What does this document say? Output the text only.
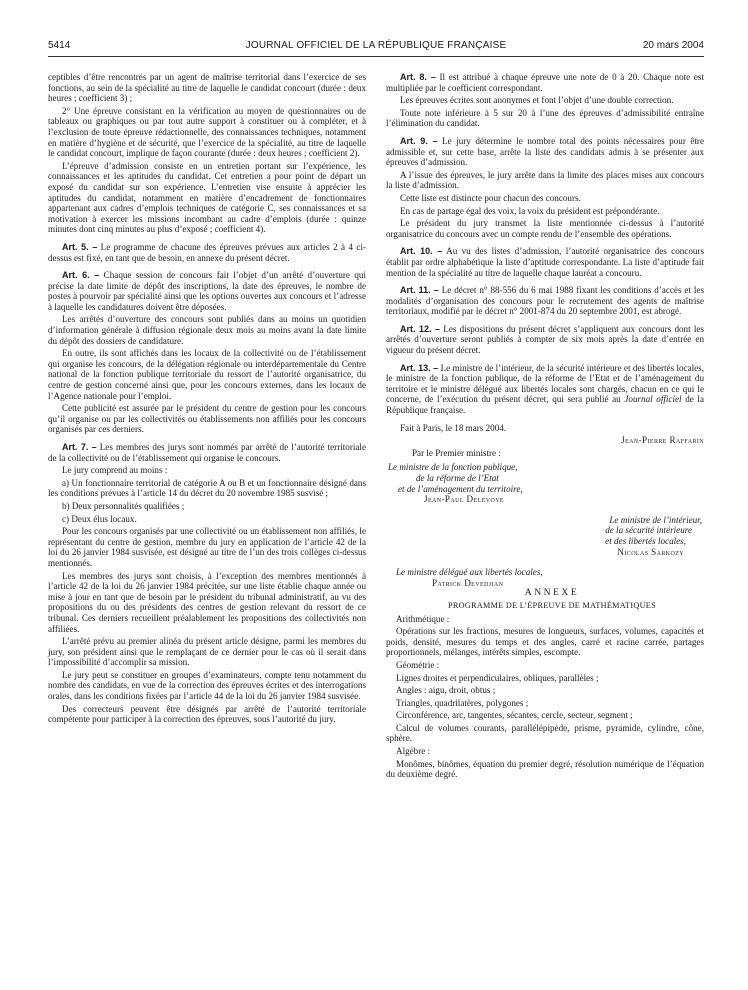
5414	JOURNAL OFFICIEL DE LA RÉPUBLIQUE FRANÇAISE	20 mars 2004

ceptibles d’être rencontrés par un agent de maîtrise territorial dans l’exercice de ses fonctions, au sein de la spécialité au titre de laquelle le candidat concourt (durée : deux heures ; coefficient 3) ;

2° Une épreuve consistant en la vérification au moyen de questionnaires ou de tableaux ou graphiques ou par tout autre support à constituer ou à compléter, et à l’exclusion de toute épreuve rédactionnelle, des connaissances techniques, notamment en matière d’hygiène et de sécurité, que l’exercice de la spécialité, au titre de laquelle le candidat concourt, implique de façon courante (durée : deux heures ; coefficient 2).

L’épreuve d’admission consiste en un entretien portant sur l’expérience, les connaissances et les aptitudes du candidat. Cet entretien a pour point de départ un exposé du candidat sur son expérience. L’entretien vise ensuite à apprécier les aptitudes du candidat, notamment en matière d’encadrement de fonctionnaires appartenant aux cadres d’emplois techniques de catégorie C, ses connaissances et sa motivation à exercer les missions incombant au cadre d’emplois (durée : quinze minutes dont cinq minutes au plus d’exposé ; coefficient 4).

Art. 5. – Le programme de chacune des épreuves prévues aux articles 2 à 4 ci-dessus est fixé, en tant que de besoin, en annexe du présent décret.

Art. 6. – Chaque session de concours fait l’objet d’un arrêté d’ouverture qui précise la date limite de dépôt des inscriptions, la date des épreuves, le nombre de postes à pourvoir par spécialité ainsi que les options ouvertes aux concours et l’adresse à laquelle les candidatures doivent être déposées.

Les arrêtés d’ouverture des concours sont publiés dans au moins un quotidien d’information générale à diffusion régionale deux mois au moins avant la date limite du dépôt des dossiers de candidature.

En outre, ils sont affichés dans les locaux de la collectivité ou de l’établissement qui organise les concours, de la délégation régionale ou interdépartementale du Centre national de la fonction publique territoriale du ressort de l’autorité organisatrice, du centre de gestion concerné ainsi que, pour les concours externes, dans les locaux de l’Agence nationale pour l’emploi.

Cette publicité est assurée par le président du centre de gestion pour les concours qu’il organise ou par les collectivités ou établissements non affiliés pour les concours organisés par ces derniers.

Art. 7. – Les membres des jurys sont nommés par arrêté de l’autorité territoriale de la collectivité ou de l’établissement qui organise le concours.

Le jury comprend au moins :

a) Un fonctionnaire territorial de catégorie A ou B et un fonctionnaire désigné dans les conditions prévues à l’article 14 du décret du 20 novembre 1985 susvisé ;

b) Deux personnalités qualifiées ;

c) Deux élus locaux.

Pour les concours organisés par une collectivité ou un établissement non affiliés, le représentant du centre de gestion, membre du jury en application de l’article 42 de la loi du 26 janvier 1984 susvisée, est désigné au titre de l’un des trois collèges ci-dessus mentionnés.

Les membres des jurys sont choisis, à l’exception des membres mentionnés à l’article 42 de la loi du 26 janvier 1984 précitée, sur une liste établie chaque année ou mise à jour en tant que de besoin par le président du tribunal administratif, au vu des propositions du ou des présidents des centres de gestion relevant du ressort de ce tribunal. Ces derniers recueillent préalablement les propositions des collectivités non affiliées.

L’arrêté prévu au premier alinéa du présent article désigne, parmi les membres du jury, son président ainsi que le remplaçant de ce dernier pour le cas où il serait dans l’impossibilité d’accomplir sa mission.

Le jury peut se constituer en groupes d’examinateurs, compte tenu notamment du nombre des candidats, en vue de la correction des épreuves écrites et des interrogations orales, dans les conditions fixées par l’article 44 de la loi du 26 janvier 1984 susvisée.

Des correcteurs peuvent être désignés par arrêté de l’autorité territoriale compétente pour participer à la correction des épreuves, sous l’autorité du jury.

Art. 8. – Il est attribué à chaque épreuve une note de 0 à 20. Chaque note est multipliée par le coefficient correspondant.

Les épreuves écrites sont anonymes et font l’objet d’une double correction.

Toute note inférieure à 5 sur 20 à l’une des épreuves d’admissibilité entraîne l’élimination du candidat.

Art. 9. – Le jury détermine le nombre total des points nécessaires pour être admissible et, sur cette base, arrête la liste des candidats admis à se présenter aux épreuves d’admission.

A l’issue des épreuves, le jury arrête dans la limite des places mises aux concours la liste d’admission.

Cette liste est distincte pour chacun des concours.

En cas de partage égal des voix, la voix du président est prépondérante.

Le président du jury transmet la liste mentionnée ci-dessus à l’autorité organisatrice du concours avec un compte rendu de l’ensemble des opérations.

Art. 10. – Au vu des listes d’admission, l’autorité organisatrice des concours établit par ordre alphabétique la liste d’aptitude correspondante. La liste d’aptitude fait mention de la spécialité au titre de laquelle chaque lauréat a concouru.

Art. 11. – Le décret n° 88-556 du 6 mai 1988 fixant les conditions d’accès et les modalités d’organisation des concours pour le recrutement des agents de maîtrise territoriaux, modifié par le décret n° 2001-874 du 20 septembre 2001, est abrogé.

Art. 12. – Les dispositions du présent décret s’appliquent aux concours dont les arrêtés d’ouverture seront publiés à compter de six mois après la date d’entrée en vigueur du présent décret.

Art. 13. – Le ministre de l’intérieur, de la sécurité intérieure et des libertés locales, le ministre de la fonction publique, de la réforme de l’Etat et de l’aménagement du territoire et le ministre délégué aux libertés locales sont chargés, chacun en ce qui le concerne, de l’exécution du présent décret, qui sera publié au Journal officiel de la République française.

Fait à Paris, le 18 mars 2004.

Jean-Pierre Raffarin

Par le Premier ministre :

Le ministre de la fonction publique,

de la réforme de l’Etat

et de l’aménagement du territoire,

Jean-Paul Delevoye

Le ministre de l’intérieur,

de la sécurité intérieure

et des libertés locales,

Nicolas Sarkozy

Le ministre délégué aux libertés locales,

Patrick Devedjian

ANNEXE

PROGRAMME DE L’ÉPREUVE DE MATHÉMATIQUES

Arithmétique :

Opérations sur les fractions, mesures de longueurs, surfaces, volumes, capacités et poids, densité, mesures du temps et des angles, carré et racine carrée, partages proportionnels, mélanges, intérêts simples, escompte.

Géométrie :

Lignes droites et perpendiculaires, obliques, parallèles ;

Angles : aigu, droit, obtus ;

Triangles, quadrilatères, polygones ;

Circonférence, arc, tangentes, sécantes, cercle, secteur, segment ;

Calcul de volumes courants, parallélépipède, prisme, pyramide, cylindre, cône, sphère.

Algèbre :

Monômes, binômes, équation du premier degré, résolution numérique de l’équation du deuxième degré.
